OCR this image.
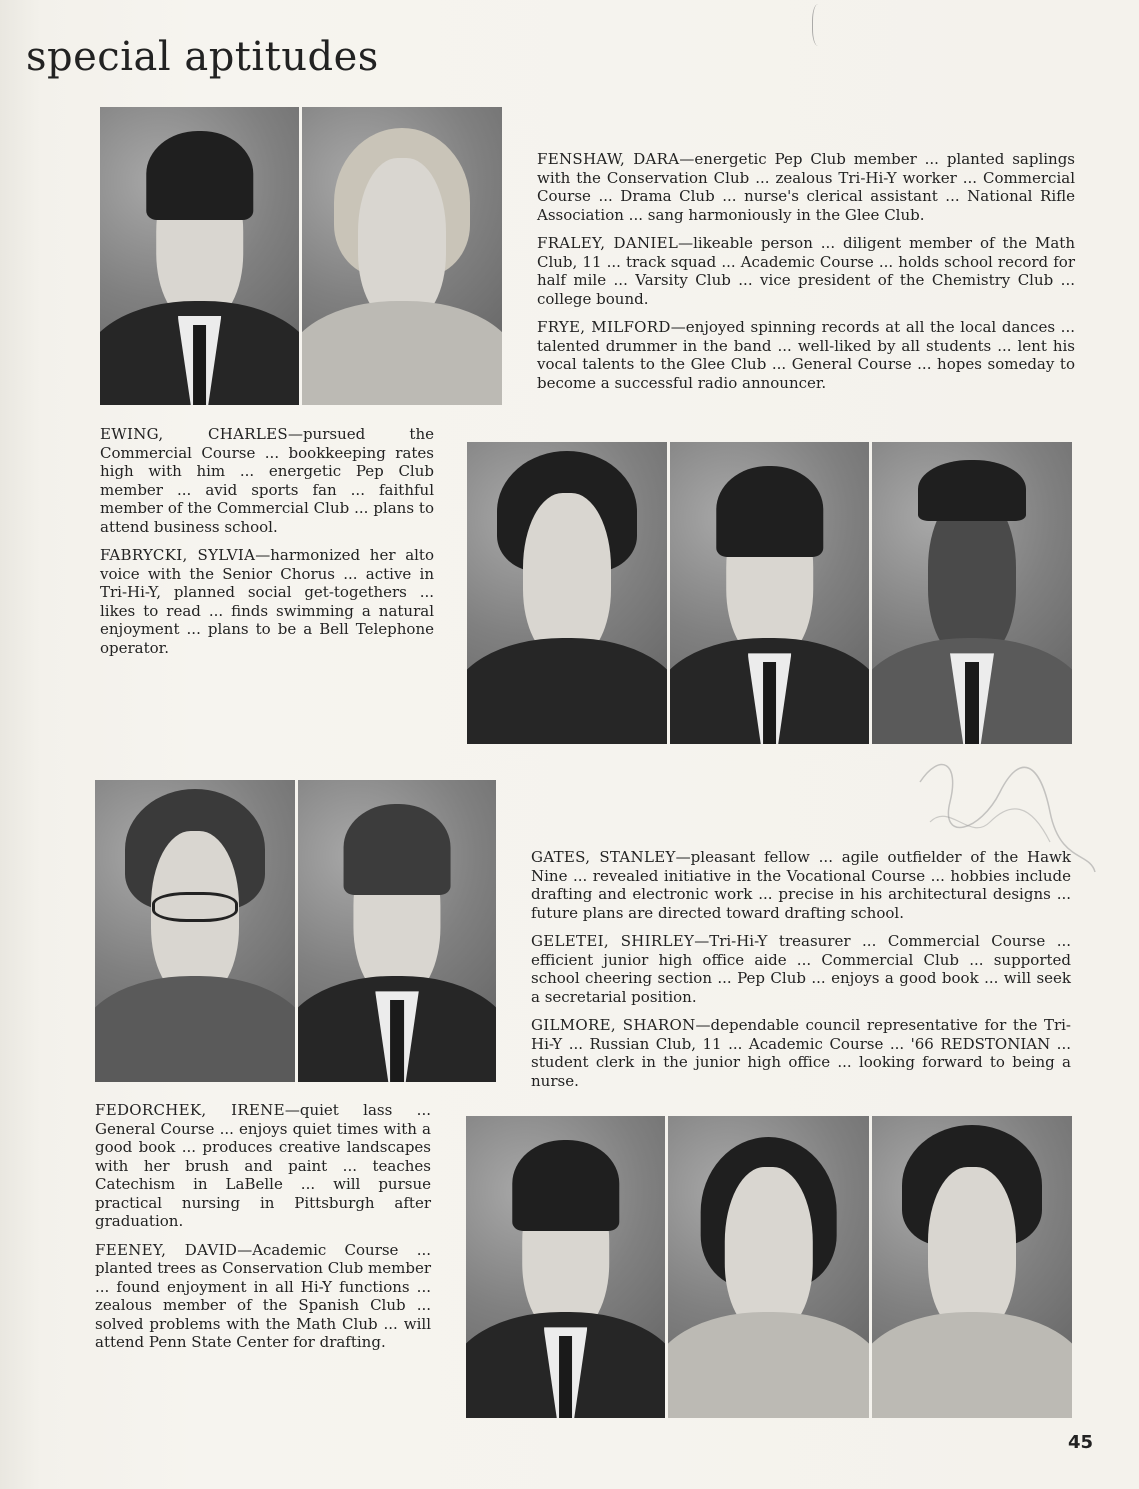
special aptitudes

EWING, CHARLES—pursued the Commercial Course ... bookkeeping rates high with him ... energetic Pep Club member ... avid sports fan ... faithful member of the Commercial Club ... plans to attend business school.

FABRYCKI, SYLVIA—harmonized her alto voice with the Senior Chorus ... active in Tri-Hi-Y, planned social get-togethers ... likes to read ... finds swimming a natural enjoyment ... plans to be a Bell Telephone operator.

FENSHAW, DARA—energetic Pep Club member ... planted saplings with the Conservation Club ... zealous Tri-Hi-Y worker ... Commercial Course ... Drama Club ... nurse's clerical assistant ... National Rifle Association ... sang harmoniously in the Glee Club.

FRALEY, DANIEL—likeable person ... diligent member of the Math Club, 11 ... track squad ... Academic Course ... holds school record for half mile ... Varsity Club ... vice president of the Chemistry Club ... college bound.

FRYE, MILFORD—enjoyed spinning records at all the local dances ... talented drummer in the band ... well-liked by all students ... lent his vocal talents to the Glee Club ... General Course ... hopes someday to become a successful radio announcer.

GATES, STANLEY—pleasant fellow ... agile outfielder of the Hawk Nine ... revealed initiative in the Vocational Course ... hobbies include drafting and electronic work ... precise in his architectural designs ... future plans are directed toward drafting school.

GELETEI, SHIRLEY—Tri-Hi-Y treasurer ... Commercial Course ... efficient junior high office aide ... Commercial Club ... supported school cheering section ... Pep Club ... enjoys a good book ... will seek a secretarial position.

GILMORE, SHARON—dependable council representative for the Tri-Hi-Y ... Russian Club, 11 ... Academic Course ... '66 REDSTONIAN ... student clerk in the junior high office ... looking forward to being a nurse.

FEDORCHEK, IRENE—quiet lass ... General Course ... enjoys quiet times with a good book ... produces creative landscapes with her brush and paint ... teaches Catechism in LaBelle ... will pursue practical nursing in Pittsburgh after graduation.

FEENEY, DAVID—Academic Course ... planted trees as Conservation Club member ... found enjoyment in all Hi-Y functions ... zealous member of the Spanish Club ... solved problems with the Math Club ... will attend Penn State Center for drafting.

45
